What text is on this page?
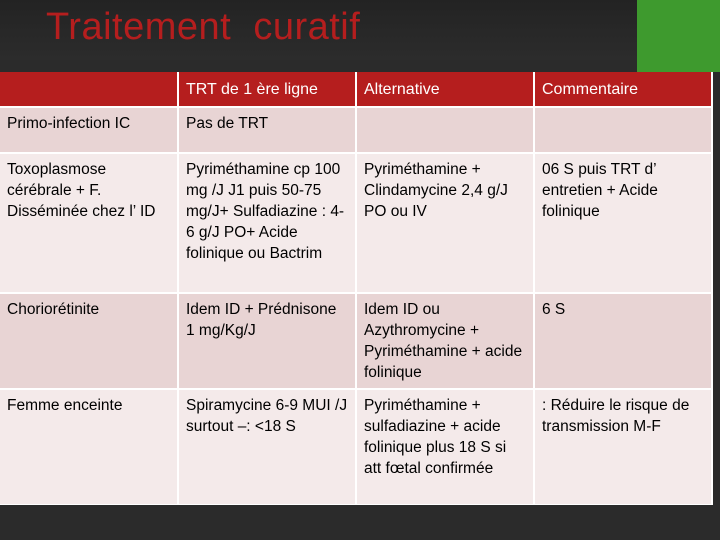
Traitement  curatif
	TRT de 1 ère ligne	Alternative	Commentaire
Primo-infection IC	Pas de TRT		
Toxoplasmose cérébrale + F. Disséminée chez l’ ID	Pyriméthamine cp 100 mg /J J1 puis 50-75 mg/J+ Sulfadiazine : 4-6 g/J PO+ Acide folinique ou Bactrim	Pyriméthamine + Clindamycine 2,4 g/J PO ou IV	06 S puis TRT d’ entretien + Acide folinique
Choriorétinite	Idem ID + Prédnisone 1 mg/Kg/J	Idem ID ou Azythromycine + Pyriméthamine + acide folinique	6 S
Femme enceinte	Spiramycine 6-9 MUI /J surtout –: <18 S	Pyriméthamine + sulfadiazine + acide folinique plus 18 S si att fœtal confirmée	: Réduire le risque de transmission M-F
